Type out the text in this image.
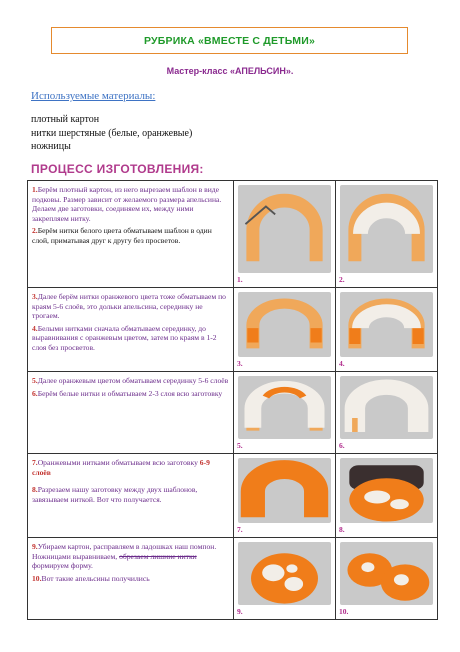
РУБРИКА «ВМЕСТЕ С ДЕТЬМИ»
Мастер-класс «АПЕЛЬСИН».
Используемые материалы:
плотный картон
нитки шерстяные (белые, оранжевые)
ножницы
ПРОЦЕСС ИЗГОТОВЛЕНИЯ:

1.Берём плотный картон, из него вырезаем шаблон в виде подковы. Размер зависит от желаемого размера апельсина. Делаем две заготовки, соединяем их, между ними закрепляем нитку.

2.Берём нитки белого цвета обматываем шаблон в один слой, приматывая друг к другу без просветов.	1.	2.

3.Далее берём нитки оранжевого цвета тоже обматываем по краям 5-6 слоёв, это дольки апельсина, серединку не трогаем.

4.Белыми нитками сначала обматываем серединку, до выравнивания с оранжевым цветом, затем по краям в 1-2 слоя без просветов.	3.	4.

5.Далее оранжевым цветом обматываем серединку 5-6 слоёв

6.Берём белые нитки и обматываем 2-3 слоя всю заготовку	5.	6.

7.Оранжевыми нитками обматываем всю заготовку 6-9 слоёв

8.Разрезаем нашу заготовку между двух шаблонов, завязываем ниткой. Вот что получается.	7.	8.

9.Убираем картон, расправляем в ладошках наш помпон. Ножницами выравниваем, обрезаем лишние нитки формируем форму.

10.Вот такие апельсины получились	9.	10.
